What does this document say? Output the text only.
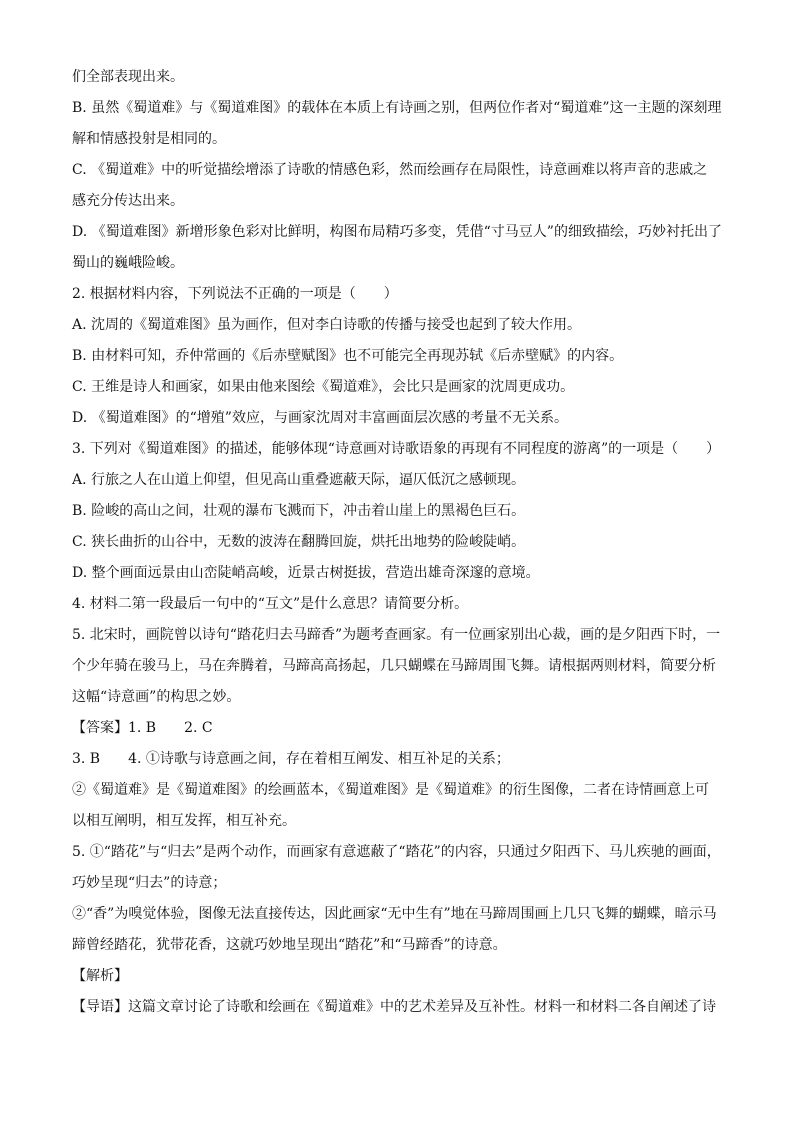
们全部表现出来。

B. 虽然《蜀道难》与《蜀道难图》的载体在本质上有诗画之别，但两位作者对“蜀道难”这一主题的深刻理

解和情感投射是相同的。

C. 《蜀道难》中的听觉描绘增添了诗歌的情感色彩，然而绘画存在局限性，诗意画难以将声音的悲戚之

感充分传达出来。

D. 《蜀道难图》新增形象色彩对比鲜明，构图布局精巧多变，凭借“寸马豆人”的细致描绘，巧妙衬托出了

蜀山的巍峨险峻。

2. 根据材料内容，下列说法不正确的一项是（　　）

A. 沈周的《蜀道难图》虽为画作，但对李白诗歌的传播与接受也起到了较大作用。

B. 由材料可知，乔仲常画的《后赤壁赋图》也不可能完全再现苏轼《后赤壁赋》的内容。

C. 王维是诗人和画家，如果由他来图绘《蜀道难》，会比只是画家的沈周更成功。

D. 《蜀道难图》的“增殖”效应，与画家沈周对丰富画面层次感的考量不无关系。

3. 下列对《蜀道难图》的描述，能够体现“诗意画对诗歌语象的再现有不同程度的游离”的一项是（　　）

A. 行旅之人在山道上仰望，但见高山重叠遮蔽天际，逼仄低沉之感顿现。

B. 险峻的高山之间，壮观的瀑布飞溅而下，冲击着山崖上的黑褐色巨石。

C. 狭长曲折的山谷中，无数的波涛在翻腾回旋，烘托出地势的险峻陡峭。

D. 整个画面远景由山峦陡峭高峻，近景古树挺拔，营造出雄奇深邃的意境。

4. 材料二第一段最后一句中的“互文”是什么意思？请简要分析。

5. 北宋时，画院曾以诗句“踏花归去马蹄香”为题考查画家。有一位画家别出心裁，画的是夕阳西下时，一

个少年骑在骏马上，马在奔腾着，马蹄高高扬起，几只蝴蝶在马蹄周围飞舞。请根据两则材料，简要分析

这幅“诗意画”的构思之妙。

【答案】1. B　　2. C

3. B　　4. ①诗歌与诗意画之间，存在着相互阐发、相互补足的关系；

②《蜀道难》是《蜀道难图》的绘画蓝本，《蜀道难图》是《蜀道难》的衍生图像，二者在诗情画意上可

以相互阐明，相互发挥，相互补充。

5. ①“踏花”与“归去”是两个动作，而画家有意遮蔽了“踏花”的内容，只通过夕阳西下、马儿疾驰的画面，

巧妙呈现“归去”的诗意；

②“香”为嗅觉体验，图像无法直接传达，因此画家“无中生有”地在马蹄周围画上几只飞舞的蝴蝶，暗示马

蹄曾经踏花，犹带花香，这就巧妙地呈现出“踏花”和“马蹄香”的诗意。

【解析】

【导语】这篇文章讨论了诗歌和绘画在《蜀道难》中的艺术差异及互补性。材料一和材料二各自阐述了诗
